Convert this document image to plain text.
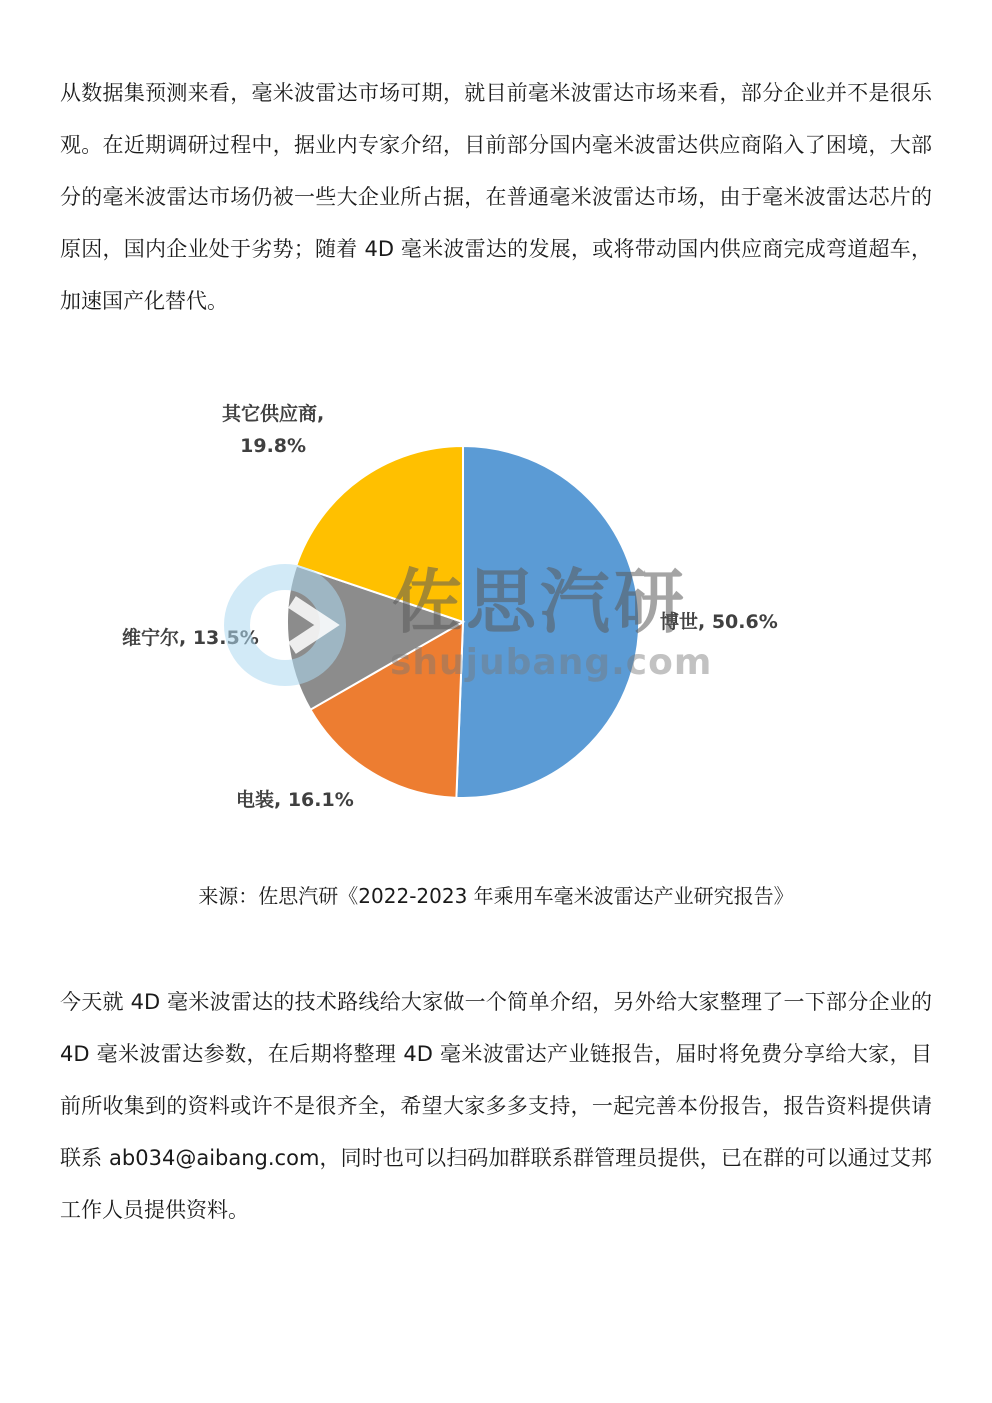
从数据集预测来看，毫米波雷达市场可期，就目前毫米波雷达市场来看，部分企业并不是很乐观。在近期调研过程中，据业内专家介绍，目前部分国内毫米波雷达供应商陷入了困境，大部分的毫米波雷达市场仍被一些大企业所占据，在普通毫米波雷达市场，由于毫米波雷达芯片的原因，国内企业处于劣势；随着 4D 毫米波雷达的发展，或将带动国内供应商完成弯道超车，加速国产化替代。

博世, 50.6%
电装, 16.1%
维宁尔, 13.5%
其它供应商,
19.8%
佐思汽研
shujubang.com
来源：佐思汽研《2022-2023 年乘用车毫米波雷达产业研究报告》

今天就 4D 毫米波雷达的技术路线给大家做一个简单介绍，另外给大家整理了一下部分企业的 4D 毫米波雷达参数，在后期将整理 4D 毫米波雷达产业链报告，届时将免费分享给大家，目前所收集到的资料或许不是很齐全，希望大家多多支持，一起完善本份报告，报告资料提供请联系 ab034@aibang.com，同时也可以扫码加群联系群管理员提供，已在群的可以通过艾邦工作人员提供资料。
